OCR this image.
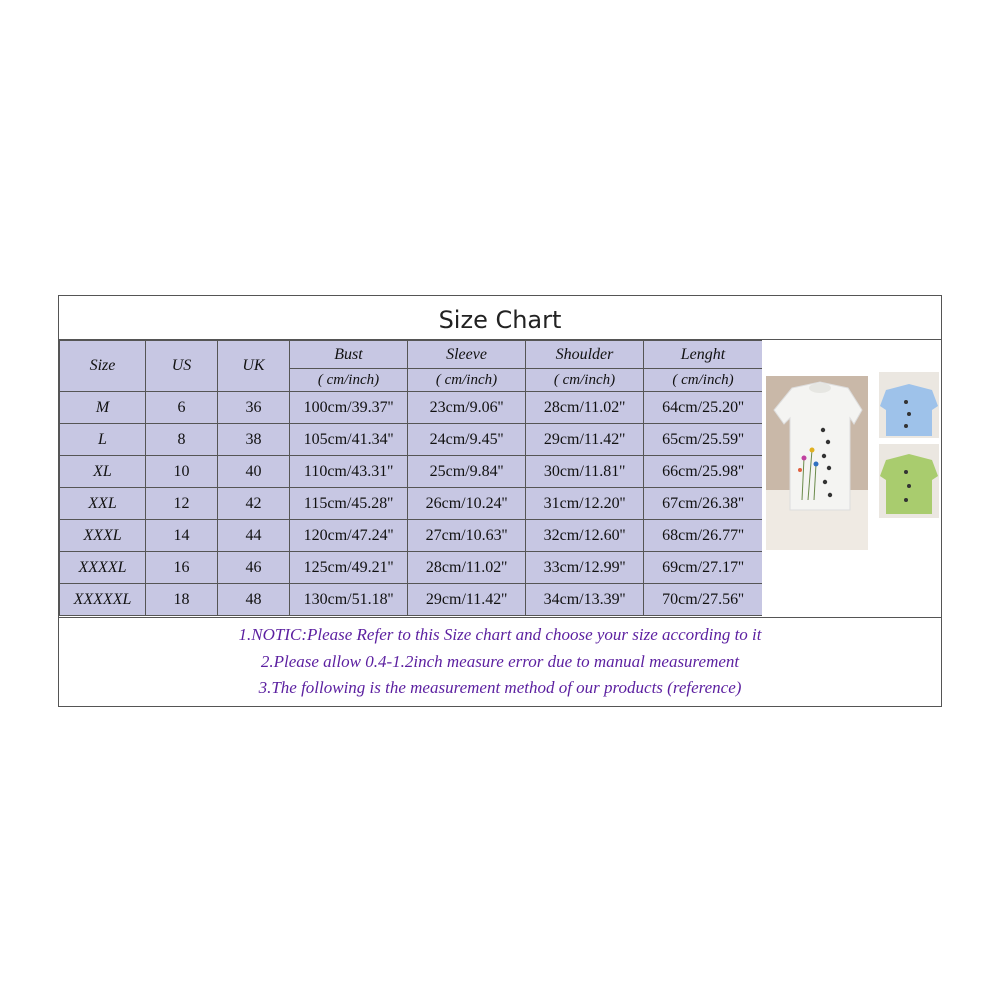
Size Chart
Size	US	UK	Bust	Sleeve	Shoulder	Lenght
			( cm/inch)	( cm/inch)	( cm/inch)	( cm/inch)
M	6	36	100cm/39.37''	23cm/9.06''	28cm/11.02''	64cm/25.20''
L	8	38	105cm/41.34''	24cm/9.45''	29cm/11.42''	65cm/25.59''
XL	10	40	110cm/43.31''	25cm/9.84''	30cm/11.81''	66cm/25.98''
XXL	12	42	115cm/45.28''	26cm/10.24''	31cm/12.20''	67cm/26.38''
XXXL	14	44	120cm/47.24''	27cm/10.63''	32cm/12.60''	68cm/26.77''
XXXXL	16	46	125cm/49.21''	28cm/11.02''	33cm/12.99''	69cm/27.17''
XXXXXL	18	48	130cm/51.18''	29cm/11.42''	34cm/13.39''	70cm/27.56''
1.NOTIC:Please Refer to this Size chart and choose your size according to it
2.Please allow 0.4-1.2inch measure error due to manual measurement
3.The following is the measurement method of our products (reference)
